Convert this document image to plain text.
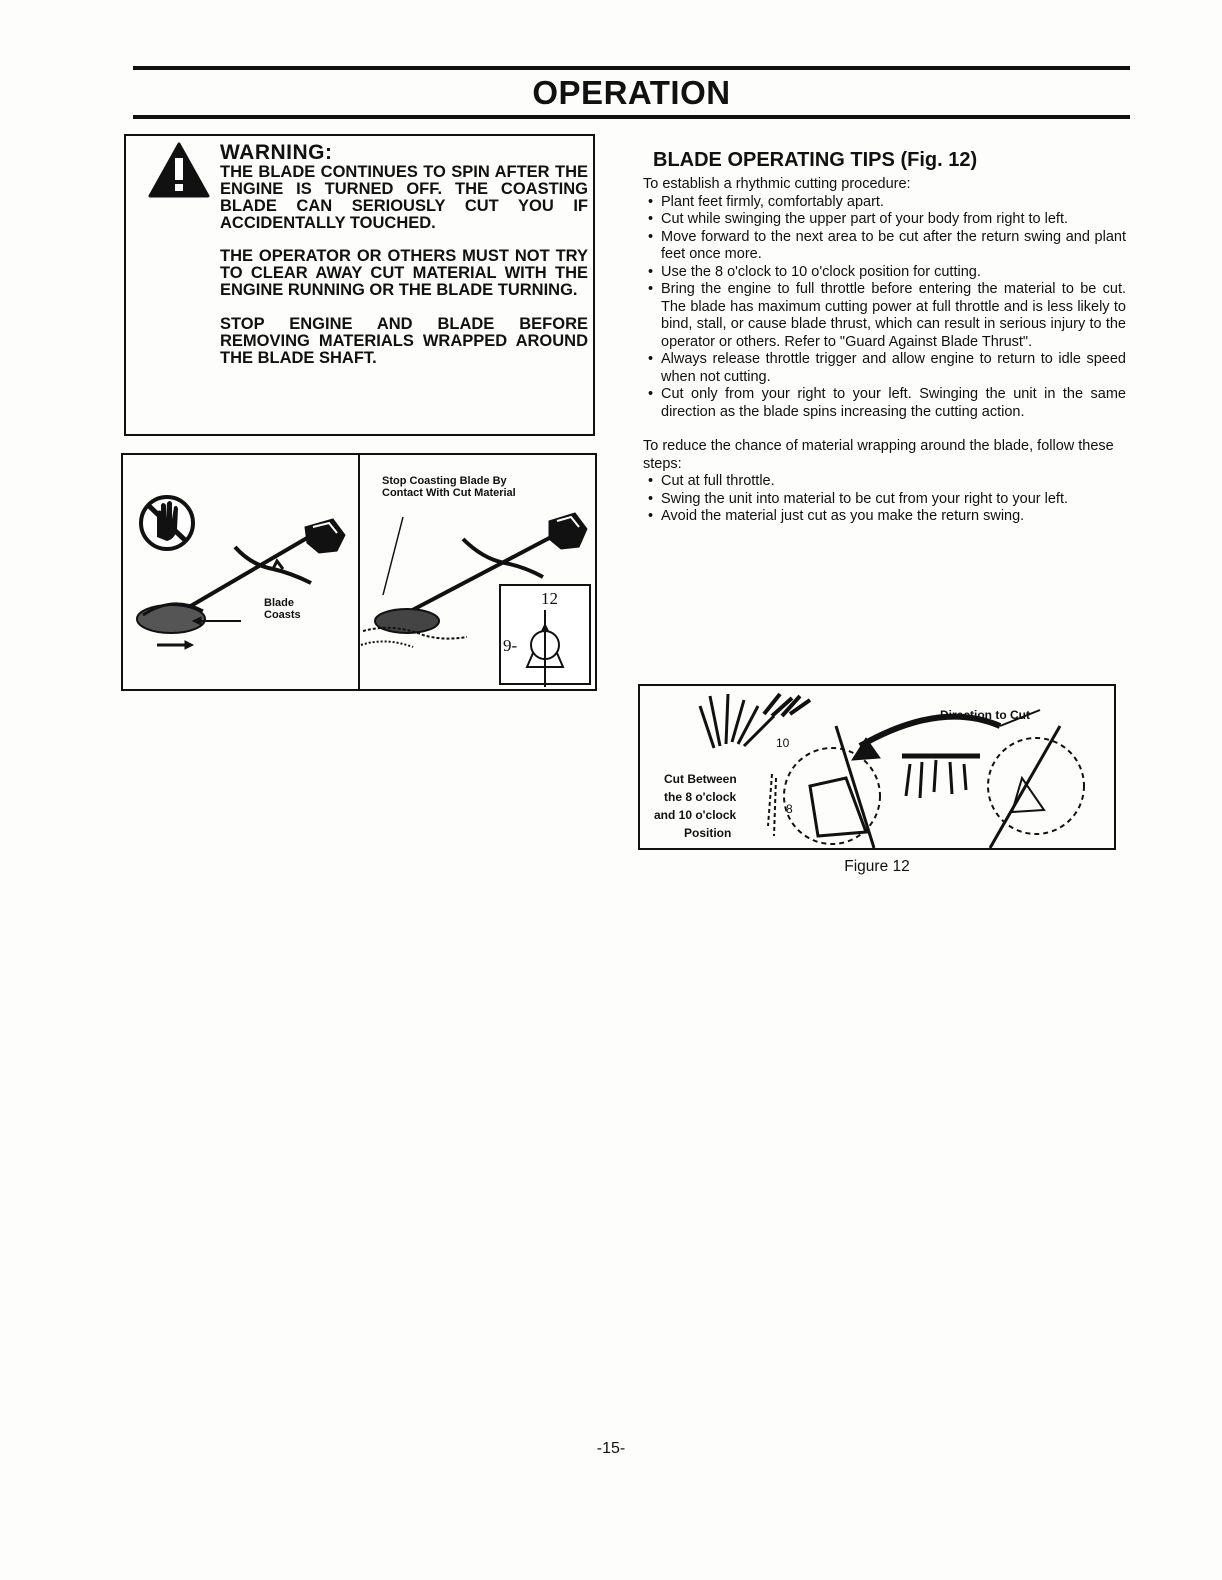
OPERATION

WARNING:

THE BLADE CONTINUES TO SPIN AFTER THE ENGINE IS TURNED OFF. THE COASTING BLADE CAN SERIOUSLY CUT YOU IF ACCIDENTALLY TOUCHED.

THE OPERATOR OR OTHERS MUST NOT TRY TO CLEAR AWAY CUT MATERIAL WITH THE ENGINE RUNNING OR THE BLADE TURNING.

STOP ENGINE AND BLADE BEFORE REMOVING MATERIALS WRAPPED AROUND THE BLADE SHAFT.

Blade
Coasts
Stop Coasting Blade By
Contact With Cut Material
12
9-
BLADE OPERATING TIPS (Fig. 12)

To establish a rhythmic cutting procedure:

• Plant feet firmly, comfortably apart.
• Cut while swinging the upper part of your body from right to left.
• Move forward to the next area to be cut after the return swing and plant feet once more.
• Use the 8 o'clock to 10 o'clock position for cutting.
• Bring the engine to full throttle before entering the material to be cut. The blade has maximum cutting power at full throttle and is less likely to bind, stall, or cause blade thrust, which can result in serious injury to the operator or others. Refer to "Guard Against Blade Thrust".
• Always release throttle trigger and allow engine to return to idle speed when not cutting.
• Cut only from your right to your left. Swinging the unit in the same direction as the blade spins increasing the cutting action.

To reduce the chance of material wrapping around the blade, follow these steps:

• Cut at full throttle.
• Swing the unit into material to be cut from your right to your left.
• Avoid the material just cut as you make the return swing.
Direction to Cut
Cut Between
the 8 o'clock
and 10 o'clock
Position
10
8
Figure 12
-15-
